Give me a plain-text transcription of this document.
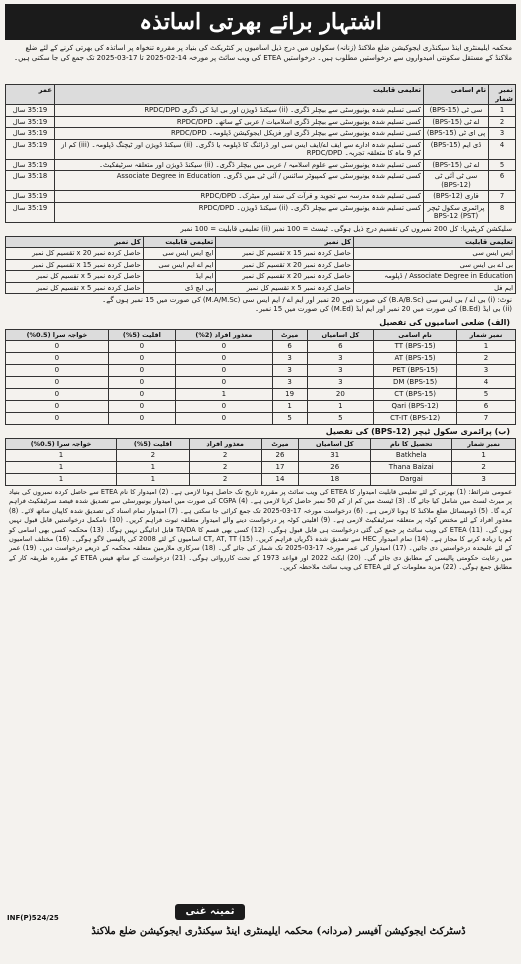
اشتہار برائے بھرتی اساتذہ
محکمہ ایلیمنٹری اینڈ سیکنڈری ایجوکیشن ضلع ملاکنڈ (زنانہ) سکولوں میں درج ذیل اسامیوں پر کنٹریکٹ کی بنیاد پر مقررہ تنخواہ پر اساتذہ کی بھرتی کرنے کے لئے ضلع ملاکنڈ کے مستقل سکونتی امیدواروں سے درخواستیں مطلوب ہیں۔ درخواستیں ETEA کی ویب سائٹ پر مورخہ 14-02-2025 تا 17-03-2025 تک جمع کی جا سکتی ہیں۔
نمبر شمار	نام اسامی	تعلیمی قابلیت	عمر
1	سی ٹی (BPS-15)	کسی تسلیم شدہ یونیورسٹی سے بیچلر ڈگری۔ (ii) سیکنڈ ڈویژن اور بی ایڈ کی ڈگری RPDC/DPD	35:19 سال
2	اے ٹی (BPS-15)	کسی تسلیم شدہ یونیورسٹی سے بیچلر ڈگری اسلامیات / عربی کے ساتھ۔ RPDC/DPD	35:19 سال
3	پی ای ٹی (BPS-15)	کسی تسلیم شدہ یونیورسٹی سے بیچلر ڈگری اور فزیکل ایجوکیشن ڈپلومہ۔ RPDC/DPD	35:19 سال
4	ڈی ایم (BPS-15)	کسی تسلیم شدہ ادارے سے ایف اے/ایف ایس سی اور ڈرائنگ کا ڈپلومہ یا ڈگری۔ (ii) سیکنڈ ڈویژن اور ٹیچنگ ڈپلومہ۔ (iii) کم از کم 9 ماہ کا متعلقہ تجربہ۔ RPDC/DPD	35:19 سال
5	اے ٹی (BPS-15)	کسی تسلیم شدہ یونیورسٹی سے علوم اسلامیہ / عربی میں بیچلر ڈگری۔ (ii) سیکنڈ ڈویژن اور متعلقہ سرٹیفکیٹ۔	35:19 سال
6	سی ٹی آئی ٹی (BPS-12)	کسی تسلیم شدہ یونیورسٹی سے کمپیوٹر سائنس / آئی ٹی میں ڈگری۔ Associate Degree in Education	35:18 سال
7	قاری (BPS-12)	کسی تسلیم شدہ مدرسہ سے تجوید و قرآت کی سند اور میٹرک۔ RPDC/DPD	35:19 سال
8	پرائمری سکول ٹیچر BPS-12 (PST)	کسی تسلیم شدہ یونیورسٹی سے بیچلر ڈگری۔ (ii) سیکنڈ ڈویژن۔ RPDC/DPD	35:19 سال
سلیکشن کریٹیریا: کل 200 نمبروں کی تقسیم درج ذیل ہوگی۔ ٹیسٹ = 100 نمبر (ii) تعلیمی قابلیت = 100 نمبر
تعلیمی قابلیت	کل نمبر	تعلیمی قابلیت	کل نمبر
ایس ایس سی	حاصل کردہ نمبر x 15 تقسیم کل نمبر	ایچ ایس ایس سی	حاصل کردہ نمبر x 20 تقسیم کل نمبر
بی اے بی ایس سی	حاصل کردہ نمبر x 20 تقسیم کل نمبر	ایم اے ایم ایس سی	حاصل کردہ نمبر x 15 تقسیم کل نمبر
Associate Degree in Education / ڈپلومہ	حاصل کردہ نمبر x 20 تقسیم کل نمبر	ایم ایڈ	حاصل کردہ نمبر x 5 تقسیم کل نمبر
ایم فل	حاصل کردہ نمبر x 5 تقسیم کل نمبر	پی ایچ ڈی	حاصل کردہ نمبر x 5 تقسیم کل نمبر
نوٹ: (i) بی اے / بی ایس سی (B.A/B.Sc) کی صورت میں 20 نمبر اور ایم اے / ایم ایس سی (M.A/M.Sc) کی صورت میں 15 نمبر ہوں گے۔
(ii) بی ایڈ (B.Ed) کی صورت میں 20 نمبر اور ایم ایڈ (M.Ed) کی صورت میں 15 نمبر۔
(الف) ضلعی اسامیوں کی تفصیل
نمبر شمار	نام اسامی	کل اسامیاں	میرٹ	معذور افراد (2%)	اقلیت (5%)	خواجہ سرا (0.5%)
1	TT (BPS-15)	6	6	0	0	0
2	AT (BPS-15)	3	3	0	0	0
3	PET (BPS-15)	3	3	0	0	0
4	DM (BPS-15)	3	3	0	0	0
5	CT (BPS-15)	20	19	1	0	0
6	Qari (BPS-12)	1	1	0	0	0
7	CT-IT (BPS-12)	5	5	0	0	0
(ب) پرائمری سکول ٹیچر (BPS-12) کی تفصیل
نمبر شمار	تحصیل کا نام	کل اسامیاں	میرٹ	معذور افراد	اقلیت (5%)	خواجہ سرا (0.5%)
1	Batkhela	31	26	2	2	1
2	Thana Baizai	26	17	2	1	1
3	Dargai	18	14	2	1	1
عمومی شرائط: (1) بھرتی کے لئے تعلیمی قابلیت امیدوار کا ETEA کی ویب سائٹ پر مقررہ تاریخ تک حاصل ہونا لازمی ہے۔ (2) امیدوار کا نام ETEA سے حاصل کردہ نمبروں کی بنیاد پر میرٹ لسٹ میں شامل کیا جائے گا۔ (3) ٹیسٹ میں کم از کم 50 نمبر حاصل کرنا لازمی ہے۔ (4) CGPA کی صورت میں امیدوار یونیورسٹی سے تصدیق شدہ فیصد سرٹیفکیٹ فراہم کرے گا۔ (5) ڈومیسائل ضلع ملاکنڈ کا ہونا لازمی ہے۔ (6) درخواست مورخہ 17-03-2025 تک جمع کرائی جا سکتی ہے۔ (7) امیدوار تمام اسناد کی تصدیق شدہ کاپیاں ساتھ لائے۔ (8) معذور افراد کے لئے مختص کوٹہ پر متعلقہ سرٹیفکیٹ لازمی ہے۔ (9) اقلیتی کوٹہ پر درخواست دینے والے امیدوار متعلقہ ثبوت فراہم کریں۔ (10) نامکمل درخواستیں قابل قبول نہیں ہوں گی۔ (11) ETEA کی ویب سائٹ پر جمع کی گئی درخواست ہی قابل قبول ہوگی۔ (12) کسی بھی قسم کا TA/DA قابل ادائیگی نہیں ہوگا۔ (13) محکمہ کسی بھی اسامی کو کم یا زیادہ کرنے کا مجاز ہے۔ (14) تمام امیدوار HEC سے تصدیق شدہ ڈگریاں فراہم کریں۔ (15) CT, AT, TT اسامیوں کے لئے 2008 کی پالیسی لاگو ہوگی۔ (16) مختلف اسامیوں کے لئے علیحدہ درخواستیں دی جائیں۔ (17) امیدوار کی عمر مورخہ 17-03-2025 تک شمار کی جائے گی۔ (18) سرکاری ملازمین متعلقہ محکمہ کے ذریعے درخواست دیں۔ (19) عمر میں رعایت حکومتی پالیسی کے مطابق دی جائے گی۔ (20) ایکٹ 2022 اور قواعد 1973 کے تحت کارروائی ہوگی۔ (21) درخواست کے ساتھ فیس ETEA کے مقررہ طریقہ کار کے مطابق جمع ہوگی۔ (22) مزید معلومات کے لئے ETEA کی ویب سائٹ ملاحظہ کریں۔
INF(P)524/25
ثمینہ غنی
ڈسٹرکٹ ایجوکیشن آفیسر (مردانہ) محکمہ ایلیمنٹری اینڈ سیکنڈری ایجوکیشن ضلع ملاکنڈ
